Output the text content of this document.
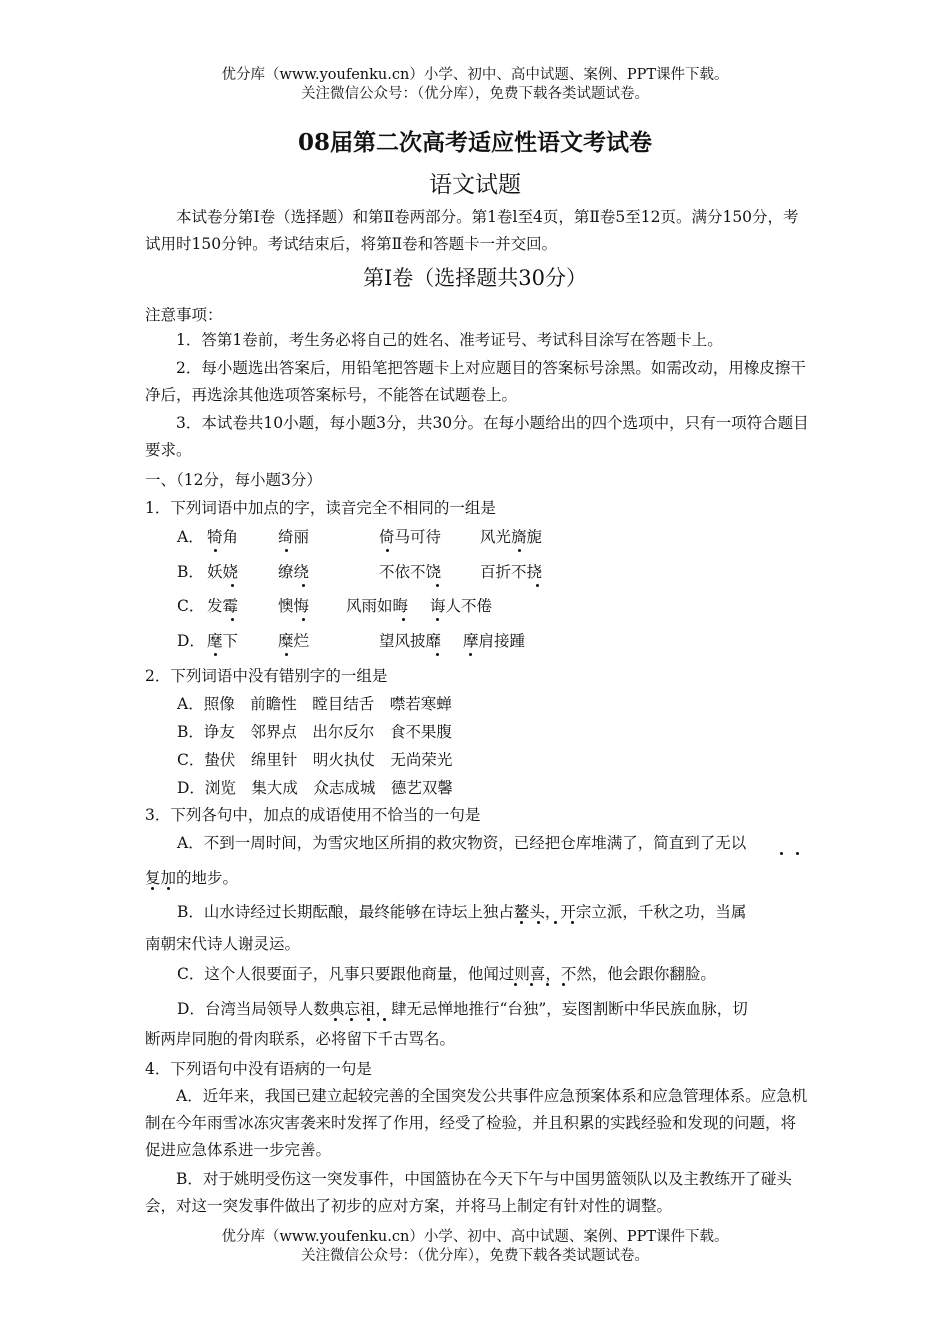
优分库（www.youfenku.cn）小学、初中、高中试题、案例、PPT课件下载。
关注微信公众号：（优分库），免费下载各类试题试卷。
08届第二次高考适应性语文考试卷
语文试题
本试卷分第Ⅰ卷（选择题）和第Ⅱ卷两部分。第1卷l至4页，第Ⅱ卷5至12页。满分150分，考试用时150分钟。考试结束后，将第Ⅱ卷和答题卡一并交回。
第Ⅰ卷（选择题共30分）
注意事项：
1．答第1卷前，考生务必将自己的姓名、准考证号、考试科目涂写在答题卡上。
2．每小题选出答案后，用铅笔把答题卡上对应题目的答案标号涂黑。如需改动，用橡皮擦干净后，再选涂其他选项答案标号，不能答在试题卷上。
3．本试卷共10小题，每小题3分，共30分。在每小题给出的四个选项中，只有一项符合题目要求。
一、（12分，每小题3分）
1．下列词语中加点的字，读音完全不相同的一组是
A． 犄角	绮丽	倚马可待	风光旖旎
B． 妖娆	缭绕	不依不饶	百折不挠
C． 发霉	懊悔 风雨如晦 诲人不倦
D． 麾下	糜烂	望风披靡 摩肩接踵
2．下列词语中没有错别字的一组是
A．照像　前瞻性　瞠目结舌　噤若寒蝉
B．诤友　邻界点　出尔反尔　食不果腹
C．蛰伏　绵里针　明火执仗　无尚荣光
D．浏览　集大成　众志成城　德艺双馨
3．下列各句中，加点的成语使用不恰当的一句是
A．不到一周时间，为雪灾地区所捐的救灾物资，已经把仓库堆满了，简直到了无以
复加的地步。
B．山水诗经过长期酝酿，最终能够在诗坛上独占鳌头，开宗立派，千秋之功，当属
南朝宋代诗人谢灵运。
C．这个人很要面子，凡事只要跟他商量，他闻过则喜，不然，他会跟你翻脸。
D．台湾当局领导人数典忘祖，肆无忌惮地推行“台独”，妄图割断中华民族血脉，切
断两岸同胞的骨肉联系，必将留下千古骂名。
4．下列语句中没有语病的一句是
A．近年来，我国已建立起较完善的全国突发公共事件应急预案体系和应急管理体系。应急机制在今年雨雪冰冻灾害袭来时发挥了作用，经受了检验，并且积累的实践经验和发现的问题，将促进应急体系进一步完善。
B．对于姚明受伤这一突发事件，中国篮协在今天下午与中国男篮领队以及主教练开了碰头会，对这一突发事件做出了初步的应对方案，并将马上制定有针对性的调整。
优分库（www.youfenku.cn）小学、初中、高中试题、案例、PPT课件下载。
关注微信公众号：（优分库），免费下载各类试题试卷。
